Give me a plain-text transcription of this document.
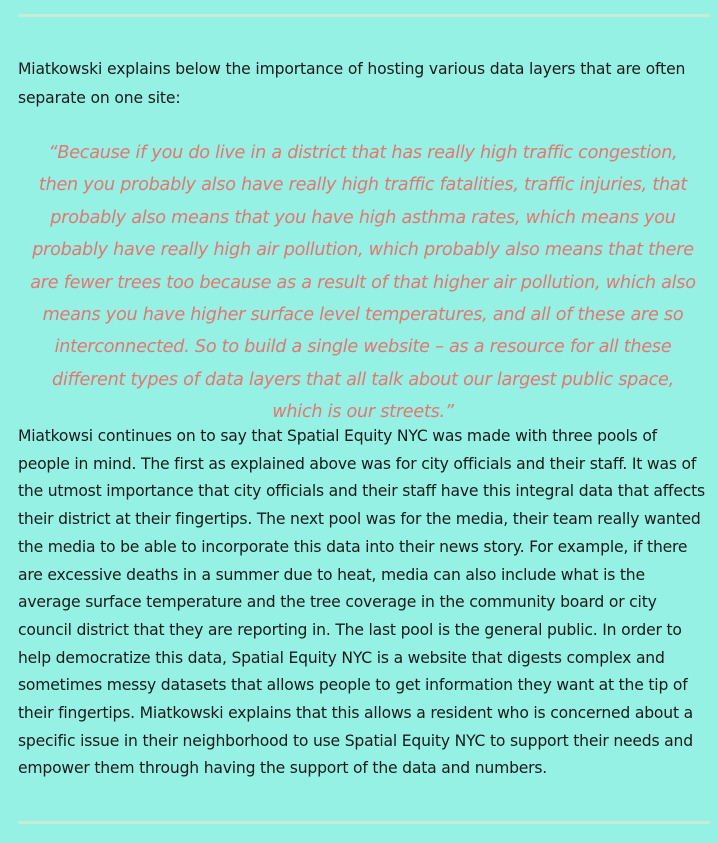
Miatkowski explains below the importance of hosting various data layers that are often separate on one site:

“Because if you do live in a district that has really high traffic congestion, then you probably also have really high traffic fatalities, traffic injuries, that probably also means that you have high asthma rates, which means you probably have really high air pollution, which probably also means that there are fewer trees too because as a result of that higher air pollution, which also means you have higher surface level temperatures, and all of these are so interconnected. So to build a single website – as a resource for all these different types of data layers that all talk about our largest public space, which is our streets.”

Miatkowsi continues on to say that Spatial Equity NYC was made with three pools of people in mind. The first as explained above was for city officials and their staff. It was of the utmost importance that city officials and their staff have this integral data that affects their district at their fingertips. The next pool was for the media, their team really wanted the media to be able to incorporate this data into their news story. For example, if there are excessive deaths in a summer due to heat, media can also include what is the average surface temperature and the tree coverage in the community board or city council district that they are reporting in. The last pool is the general public. In order to help democratize this data, Spatial Equity NYC is a website that digests complex and sometimes messy datasets that allows people to get information they want at the tip of their fingertips. Miatkowski explains that this allows a resident who is concerned about a specific issue in their neighborhood to use Spatial Equity NYC to support their needs and empower them through having the support of the data and numbers.
